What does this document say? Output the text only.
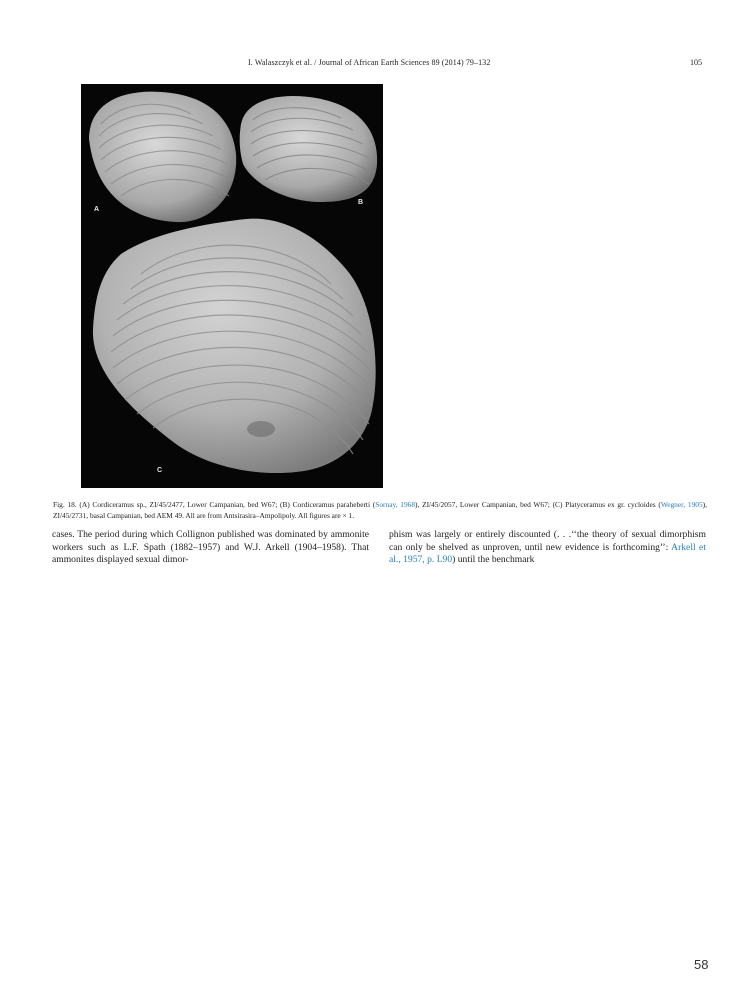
I. Walaszczyk et al. / Journal of African Earth Sciences 89 (2014) 79–132	105
A
B
C
Fig. 18. (A) Cordiceramus sp., ZI/45/2477, Lower Campanian, bed W67; (B) Cordiceramus paraheberti (Sornay, 1968), ZI/45/2057, Lower Campanian, bed W67; (C) Platyceramus ex gr. cycloides (Wegner, 1905), ZI/45/2731, basal Campanian, bed AEM 49. All are from Antsirasira–Ampolipoly. All figures are × 1.

cases. The period during which Collignon published was dominated by ammonite workers such as L.F. Spath (1882–1957) and W.J. Arkell (1904–1958). That ammonites displayed sexual dimor-

phism was largely or entirely discounted (. . .‘‘the theory of sexual dimorphism can only be shelved as unproven, until new evidence is forthcoming’’: Arkell et al., 1957, p. L90) until the benchmark

58
